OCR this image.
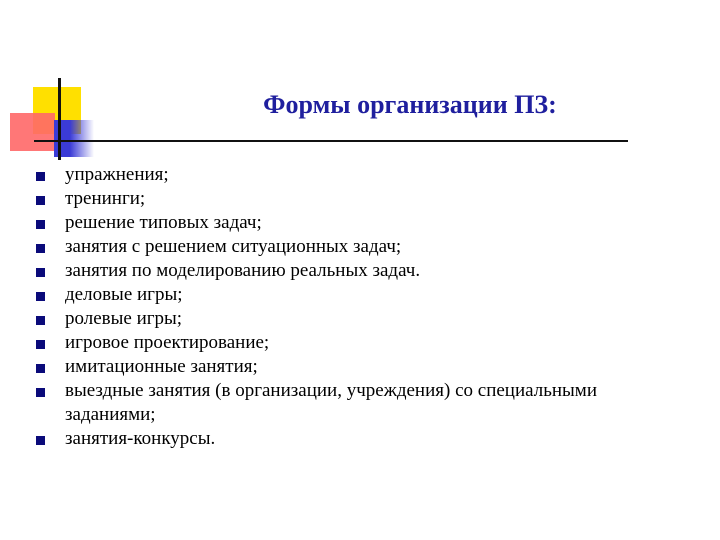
Формы организации ПЗ:
упражнения;
тренинги;
решение типовых задач;
занятия с решением ситуационных задач;
занятия по моделированию реальных задач.
деловые игры;
ролевые игры;
игровое проектирование;
имитационные занятия;
выездные занятия (в организации, учреждения) со специальными заданиями;
занятия-конкурсы.
